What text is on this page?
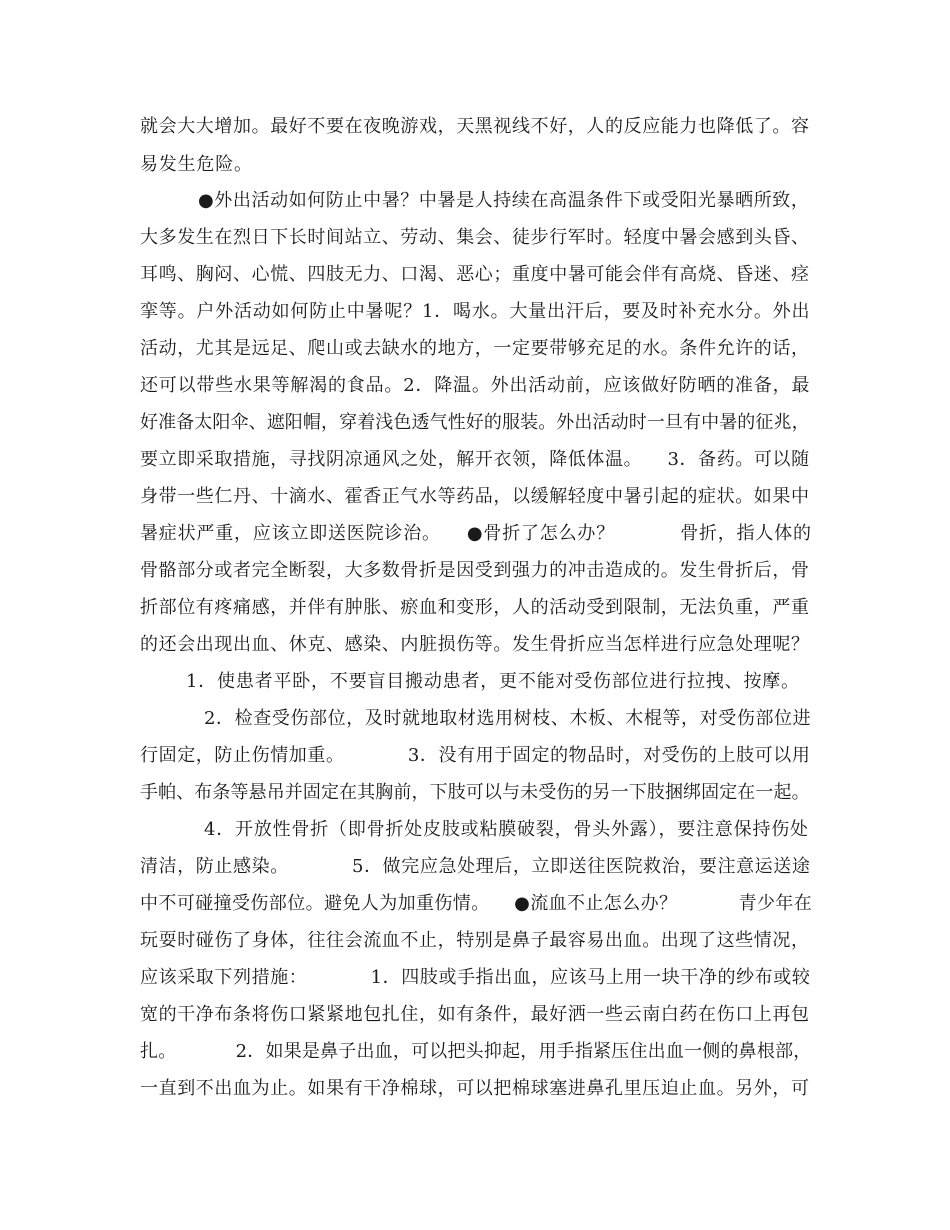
就会大大增加。最好不要在夜晚游戏，天黑视线不好，人的反应能力也降低了。容
易发生危险。
●外出活动如何防止中暑？中暑是人持续在高温条件下或受阳光暴晒所致，
大多发生在烈日下长时间站立、劳动、集会、徒步行军时。轻度中暑会感到头昏、
耳鸣、胸闷、心慌、四肢无力、口渴、恶心；重度中暑可能会伴有高烧、昏迷、痉
挛等。户外活动如何防止中暑呢？1．喝水。大量出汗后，要及时补充水分。外出
活动，尤其是远足、爬山或去缺水的地方，一定要带够充足的水。条件允许的话，
还可以带些水果等解渴的食品。2．降温。外出活动前，应该做好防晒的准备，最
好准备太阳伞、遮阳帽，穿着浅色透气性好的服装。外出活动时一旦有中暑的征兆，
要立即采取措施，寻找阴凉通风之处，解开衣领，降低体温。    3．备药。可以随
身带一些仁丹、十滴水、霍香正气水等药品，以缓解轻度中暑引起的症状。如果中
暑症状严重，应该立即送医院诊治。    ●骨折了怎么办？          骨折，指人体的
骨骼部分或者完全断裂，大多数骨折是因受到强力的冲击造成的。发生骨折后，骨
折部位有疼痛感，并伴有肿胀、瘀血和变形，人的活动受到限制，无法负重，严重
的还会出现出血、休克、感染、内脏损伤等。发生骨折应当怎样进行应急处理呢？
1．使患者平卧，不要盲目搬动患者，更不能对受伤部位进行拉拽、按摩。
2．检查受伤部位，及时就地取材选用树枝、木板、木棍等，对受伤部位进
行固定，防止伤情加重。          3．没有用于固定的物品时，对受伤的上肢可以用
手帕、布条等悬吊并固定在其胸前，下肢可以与未受伤的另一下肢捆绑固定在一起。
4．开放性骨折（即骨折处皮肢或粘膜破裂，骨头外露），要注意保持伤处
清洁，防止感染。          5．做完应急处理后，立即送往医院救治，要注意运送途
中不可碰撞受伤部位。避免人为加重伤情。    ●流血不止怎么办？          青少年在
玩耍时碰伤了身体，往往会流血不止，特别是鼻子最容易出血。出现了这些情况，
应该采取下列措施：          1．四肢或手指出血，应该马上用一块干净的纱布或较
宽的干净布条将伤口紧紧地包扎住，如有条件，最好洒一些云南白药在伤口上再包
扎。          2．如果是鼻子出血，可以把头抑起，用手指紧压住出血一侧的鼻根部，
一直到不出血为止。如果有干净棉球，可以把棉球塞进鼻孔里压迫止血。另外，可
